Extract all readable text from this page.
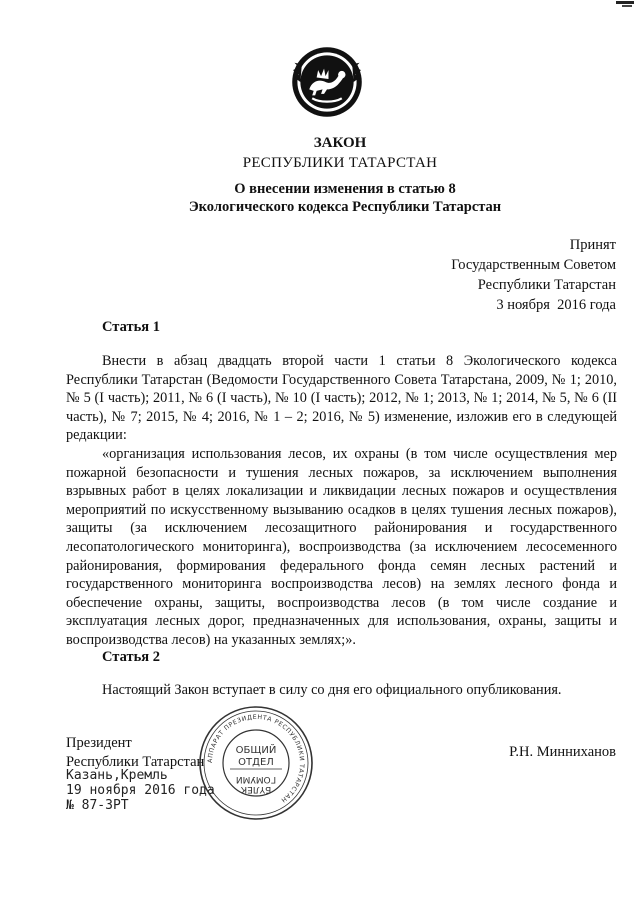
ЗАКОН
РЕСПУБЛИКИ ТАТАРСТАН
О внесении изменения в статью 8
Экологического кодекса Республики Татарстан
Принят
Государственным Советом
Республики Татарстан
3 ноября  2016 года
Статья 1
Внести в абзац двадцать второй части 1 статьи 8 Экологического кодекса Республики Татарстан (Ведомости Государственного Совета Татарстана, 2009, № 1; 2010, № 5 (I часть); 2011, № 6 (I часть), № 10 (I часть); 2012, № 1; 2013, № 1; 2014, № 5, № 6 (II часть), № 7; 2015, № 4; 2016, № 1 – 2; 2016, № 5) изменение, изложив его в следующей редакции:
«организация использования лесов, их охраны (в том числе осуществления мер пожарной безопасности и тушения лесных пожаров, за исключением выполнения взрывных работ в целях локализации и ликвидации лесных пожаров и осуществления мероприятий по искусственному вызыванию осадков в целях тушения лесных пожаров), защиты (за исключением лесозащитного районирования и государственного лесопатологического мониторинга), воспроизводства (за исключением лесосеменного районирования, формирования федерального фонда семян лесных растений и государственного мониторинга воспроизводства лесов) на землях лесного фонда и обеспечение охраны, защиты, воспроизводства лесов (в том числе создание и эксплуатация лесных дорог, предназначенных для использования, охраны, защиты и воспроизводства лесов) на указанных землях;».
Статья 2
Настоящий Закон вступает в силу со дня его официального опубликования.
Президент
Республики Татарстан
Р.Н. Минниханов
Казань,Кремль
19 ноября 2016 года
№ 87-ЗРТ
АППАРАТ ПРЕЗИДЕНТА РЕСПУБЛИКИ ТАТАРСТАН
ОБЩИЙ
ОТДЕЛ
ГОМУМИ
БҮЛЕК
